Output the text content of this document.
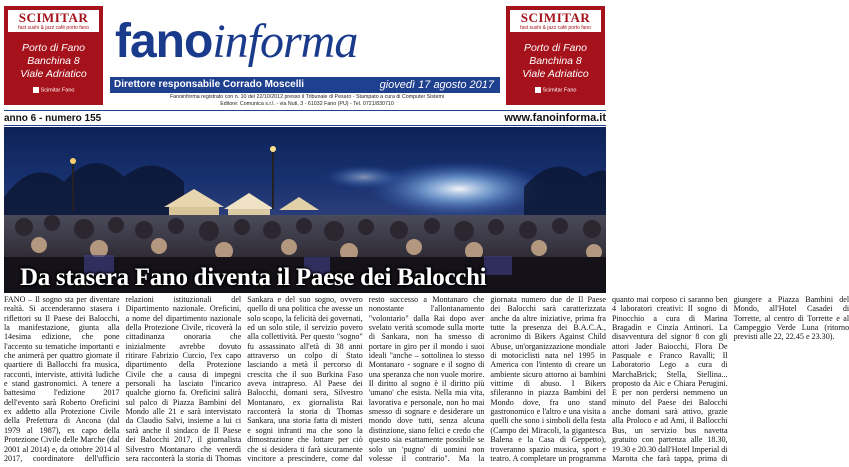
SCIMITAR
fast sushi & jazz café porto fano
Porto di Fano
Banchina 8
Viale Adriatico
Scimitar Fano
fanoinforma
Direttore responsabile Corrado Moscelli	giovedì 17 agosto 2017
Fanoinforma registrato con n. 10 del 22/10/2012 presso il Tribunale di Pesaro - Stampato a cura di Computer Sistemi
Editore: Comunica s.r.l. - via Nuti, 3 - 61032 Fano (PU) - Tel. 0721/830710
SCIMITAR
fast sushi & jazz café porto fano
Porto di Fano
Banchina 8
Viale Adriatico
Scimitar Fano
anno 6 - numero 155	www.fanoinforma.it
Da stasera Fano diventa il Paese dei Balocchi

FANO – Il sogno sta per diventare realtà. Si accenderanno stasera i riflettori su Il Paese dei Balocchi, la manifestazione, giunta alla 14esima edizione, che pone l'accento su tematiche importanti e che animerà per quattro giornate il quartiere di Ballocchi fra musica, racconti, interviste, attività ludiche e stand gastronomici. A tenere a battesimo l'edizione 2017 dell'evento sarà Roberto Oreficini ex addetto alla Protezione Civile della Prefettura di Ancona (dal 1979 al 1987), ex capo della Protezione Civile delle Marche (dal 2001 al 2014) e, da ottobre 2014 al 2017, coordinatore dell'ufficio relazioni istituzionali del Dipartimento nazionale. Oreficini, a nome del dipartimento nazionale della Protezione Civile, ricoverà la cittadinanza onoraria che inizialmente avrebbe dovuto ritirare Fabrizio Curcio, l'ex capo dipartimento della Protezione Civile che a causa di impegni personali ha lasciato l'incarico qualche giorno fa. Oreficini salirà sul palco di Piazza Bambini del Mondo alle 21 e sarà intervistato da Claudio Salvi, insieme a lui ci sarà anche il sindaco de Il Paese dei Balocchi 2017, il giornalista Silvestro Montanaro che venerdì sera racconterà la storia di Thomas Sankara e del suo sogno, ovvero quello di una politica che avesse un solo scopo, la felicità dei governati, ed un solo stile, il servizio povero alla collettività. Per questo "sogno" fu assassinato all'età di 38 anni attraverso un colpo di Stato lasciando a metà il percorso di crescita che il suo Burkina Faso aveva intrapreso. Al Paese dei Balocchi, domani sera, Silvestro Montanaro, ex giornalista Rai racconterà la storia di Thomas Sankara, una storia fatta di misteri e sogni infranti ma che sono la dimostrazione che lottare per ciò che si desidera ti farà sicuramente vincitore a prescindere, come dal resto successo a Montanaro che nonostante l'allontanamento "volontario" dalla Rai dopo aver svelato verità scomode sulla morte di Sankara, non ha smesso di portare in giro per il mondo i suoi ideali "anche – sottolinea lo stesso Montanaro - sognare e il sogno di una speranza che non vuole morire. Il diritto al sogno è il diritto più 'umano' che esista. Nella mia vita, lavorativa e personale, non ho mai smesso di sognare e desiderare un mondo dove tutti, senza alcuna distinzione, siano felici e credo che questo sia esattamente possibile se solo un 'pugno' di uomini non volesse il contrario". Ma la giornata numero due de Il Paese dei Balocchi sarà caratterizzata anche da altre iniziative, prima fra tutte la presenza dei B.A.C.A., acronimo di Bikers Against Child Abuse, un'organizzazione mondiale di motociclisti nata nel 1995 in America con l'intento di creare un ambiente sicuro attorno ai bambini vittime di abuso. I Bikers sfileranno in piazza Bambini del Mondo dove, fra uno stand gastronomico e l'altro e una visita a quelli che sono i simboli della festa (Campo dei Miracoli, la gigantesca Balena e la Casa di Geppetto), troveranno spazio musica, sport e teatro. A completare un programma quanto mai corposo ci saranno ben 4 laboratori creativi: Il sogno di Pinocchio a cura di Marina Bragadin e Cinzia Antinori. La disavventura del signor 8 con gli attori Jader Baiocchi, Flora De Pasquale e Franco Ravalli; Il Laboratorio Lego a cura di MarchaBrick; Stella, Stellina... proposto da Aic e Chiara Perugini. E per non perdersi nemmeno un minuto del Paese dei Balocchi anche domani sarà attivo, grazie alla Proloco e ad Ami, il Ballocchi Bus, un servizio bus navetta gratuito con partenza alle 18.30, 19.30 e 20.30 dall'Hotel Imperial di Marotta che farà tappa, prima di giungere a Piazza Bambini del Mondo, all'Hotel Casadei di Torrette, al centro di Torrette e al Campeggio Verde Luna (ritorno previsti alle 22, 22.45 e 23.30).
